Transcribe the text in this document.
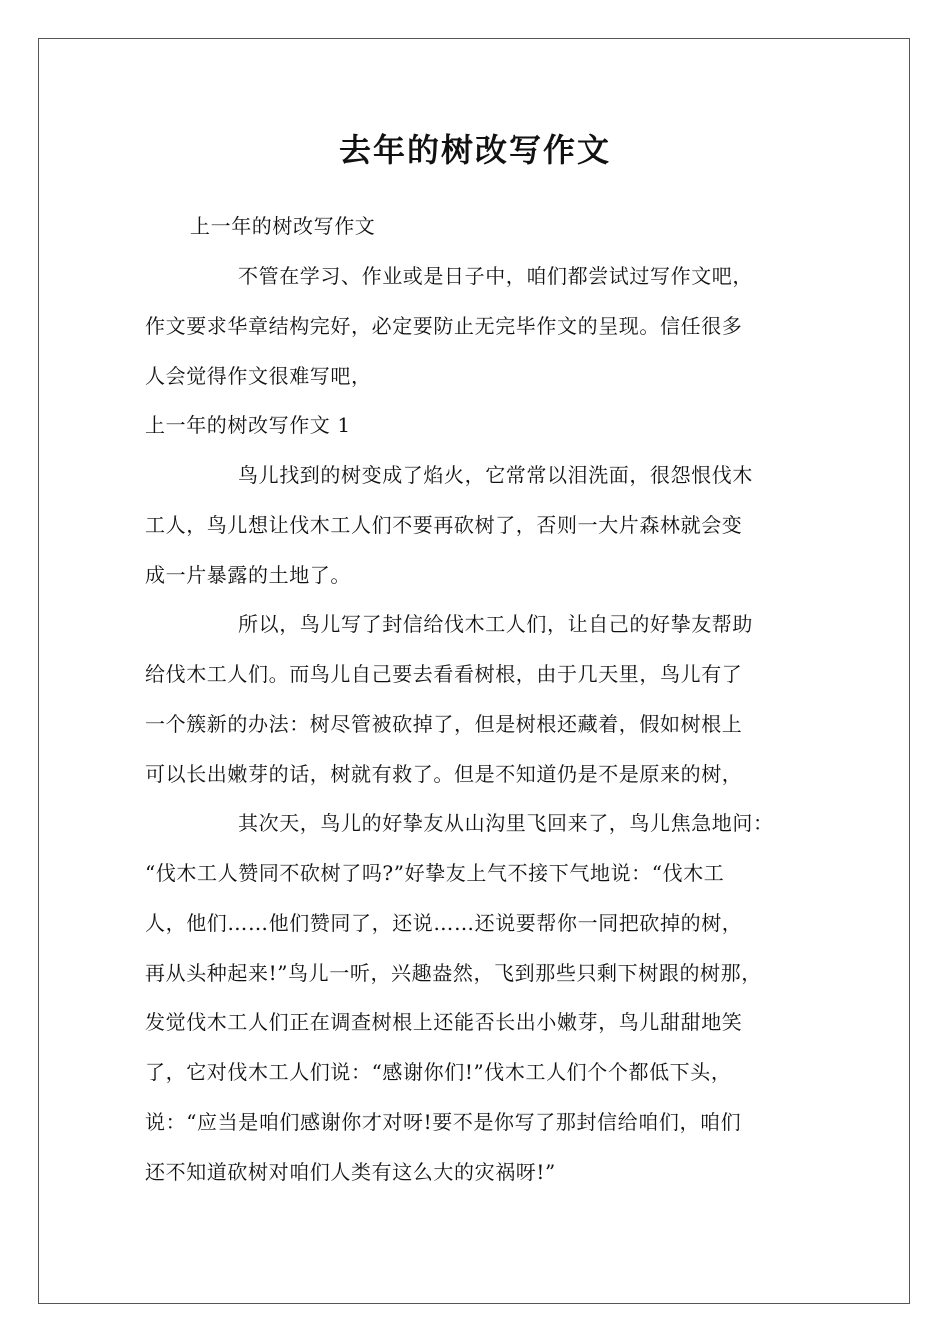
去年的树改写作文

上一年的树改写作文

不管在学习、作业或是日子中，咱们都尝试过写作文吧，

作文要求华章结构完好，必定要防止无完毕作文的呈现。信任很多

人会觉得作文很难写吧，

上一年的树改写作文 1

鸟儿找到的树变成了焰火，它常常以泪洗面，很怨恨伐木

工人，鸟儿想让伐木工人们不要再砍树了，否则一大片森林就会变

成一片暴露的土地了。

所以，鸟儿写了封信给伐木工人们，让自己的好挚友帮助

给伐木工人们。而鸟儿自己要去看看树根，由于几天里，鸟儿有了

一个簇新的办法：树尽管被砍掉了，但是树根还藏着，假如树根上

可以长出嫩芽的话，树就有救了。但是不知道仍是不是原来的树，

其次天，鸟儿的好挚友从山沟里飞回来了，鸟儿焦急地问：

“伐木工人赞同不砍树了吗?”好挚友上气不接下气地说：“伐木工

人，他们……他们赞同了，还说……还说要帮你一同把砍掉的树，

再从头种起来!”鸟儿一听，兴趣盎然，飞到那些只剩下树跟的树那，

发觉伐木工人们正在调查树根上还能否长出小嫩芽，鸟儿甜甜地笑

了，它对伐木工人们说：“感谢你们!”伐木工人们个个都低下头，

说：“应当是咱们感谢你才对呀!要不是你写了那封信给咱们，咱们

还不知道砍树对咱们人类有这么大的灾祸呀!”
